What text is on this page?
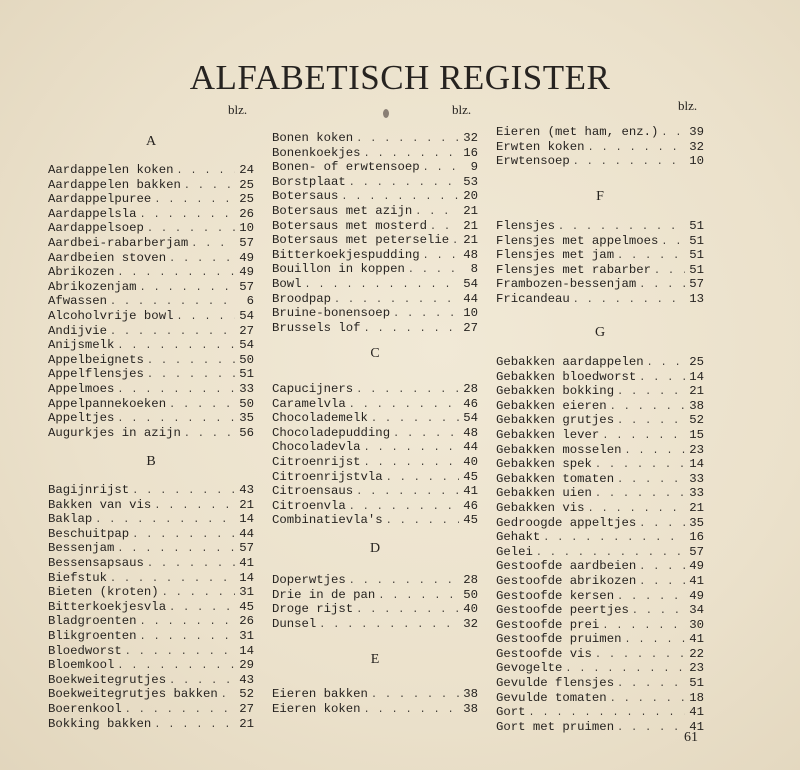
ALFABETISCH REGISTER
blz.
A
Aardappelen koken . . .	24
Aardappelen bakken . . .	25
Aardappelpuree . . .	25
Aardappelsla . . .	26
Aardappelsoep . . .	10
Aardbei-rabarberjam . . .	57
Aardbeien stoven . . .	49
Abrikozen . . .	49
Abrikozenjam . . .	57
Afwassen . . .	6
Alcoholvrije bowl . . .	54
Andijvie . . .	27
Anijsmelk . . .	54
Appelbeignets . . .	50
Appelflensjes . . .	51
Appelmoes . . .	33
Appelpannekoeken . . .	50
Appeltjes . . .	35
Augurkjes in azijn . . .	56
B
Bagijnrijst . . .	43
Bakken van vis . . .	21
Baklap . . .	14
Beschuitpap . . .	44
Bessenjam . . .	57
Bessensapsaus . . .	41
Biefstuk . . .	14
Bieten (kroten) . . .	31
Bitterkoekjesvla . . .	45
Bladgroenten . . .	26
Blikgroenten . . .	31
Bloedworst . . .	14
Bloemkool . . .	29
Boekweitegrutjes . . .	43
Boekweitegrutjes bakken . . . 52
Boerenkool . . .	27
Bokking bakken . . .	21
blz.
Bonen koken . . .	32
Bonenkoekjes . . .	16
Bonen- of erwtensoep . . .	9
Borstplaat . . .	53
Botersaus . . .	20
Botersaus met azijn . . .	21
Botersaus met mosterd . . .	21
Botersaus met peterselie . . . 21
Bitterkoekjespudding . . .	48
Bouillon in koppen . . .	8
Bowl . . .	54
Broodpap . . .	44
Bruine-bonensoep . . .	10
Brussels lof . . .	27
C
Capucijners . . .	28
Caramelvla . . .	46
Chocolademelk . . .	54
Chocoladepudding . . .	48
Chocoladevla . . .	44
Citroenrijst . . .	40
Citroenrijstvla . . .	45
Citroensaus . . .	41
Citroenvla . . .	46
Combinatievla's . . .	45
D
Doperwtjes . . .	28
Drie in de pan . . .	50
Droge rijst . . .	40
Dunsel . . .	32
E
Eieren bakken . . .	38
Eieren koken . . .	38
blz.
Eieren (met ham, enz.) . . .	39
Erwten koken . . .	32
Erwtensoep . . .	10
F
Flensjes . . .	51
Flensjes met appelmoes . . .	51
Flensjes met jam . . .	51
Flensjes met rabarber . . .	51
Frambozen-bessenjam . . .	57
Fricandeau . . .	13
G
Gebakken aardappelen . . .	25
Gebakken bloedworst . . .	14
Gebakken bokking . . .	21
Gebakken eieren . . .	38
Gebakken grutjes . . .	52
Gebakken lever . . .	15
Gebakken mosselen . . .	23
Gebakken spek . . .	14
Gebakken tomaten . . .	33
Gebakken uien . . .	33
Gebakken vis . . .	21
Gedroogde appeltjes . . .	35
Gehakt . . .	16
Gelei . . .	57
Gestoofde aardbeien . . .	49
Gestoofde abrikozen . . .	41
Gestoofde kersen . . .	49
Gestoofde peertjes . . .	34
Gestoofde prei . . .	30
Gestoofde pruimen . . .	41
Gestoofde vis . . .	22
Gevogelte . . .	23
Gevulde flensjes . . .	51
Gevulde tomaten . . .	18
Gort . . .	41
Gort met pruimen . . .	41
61
